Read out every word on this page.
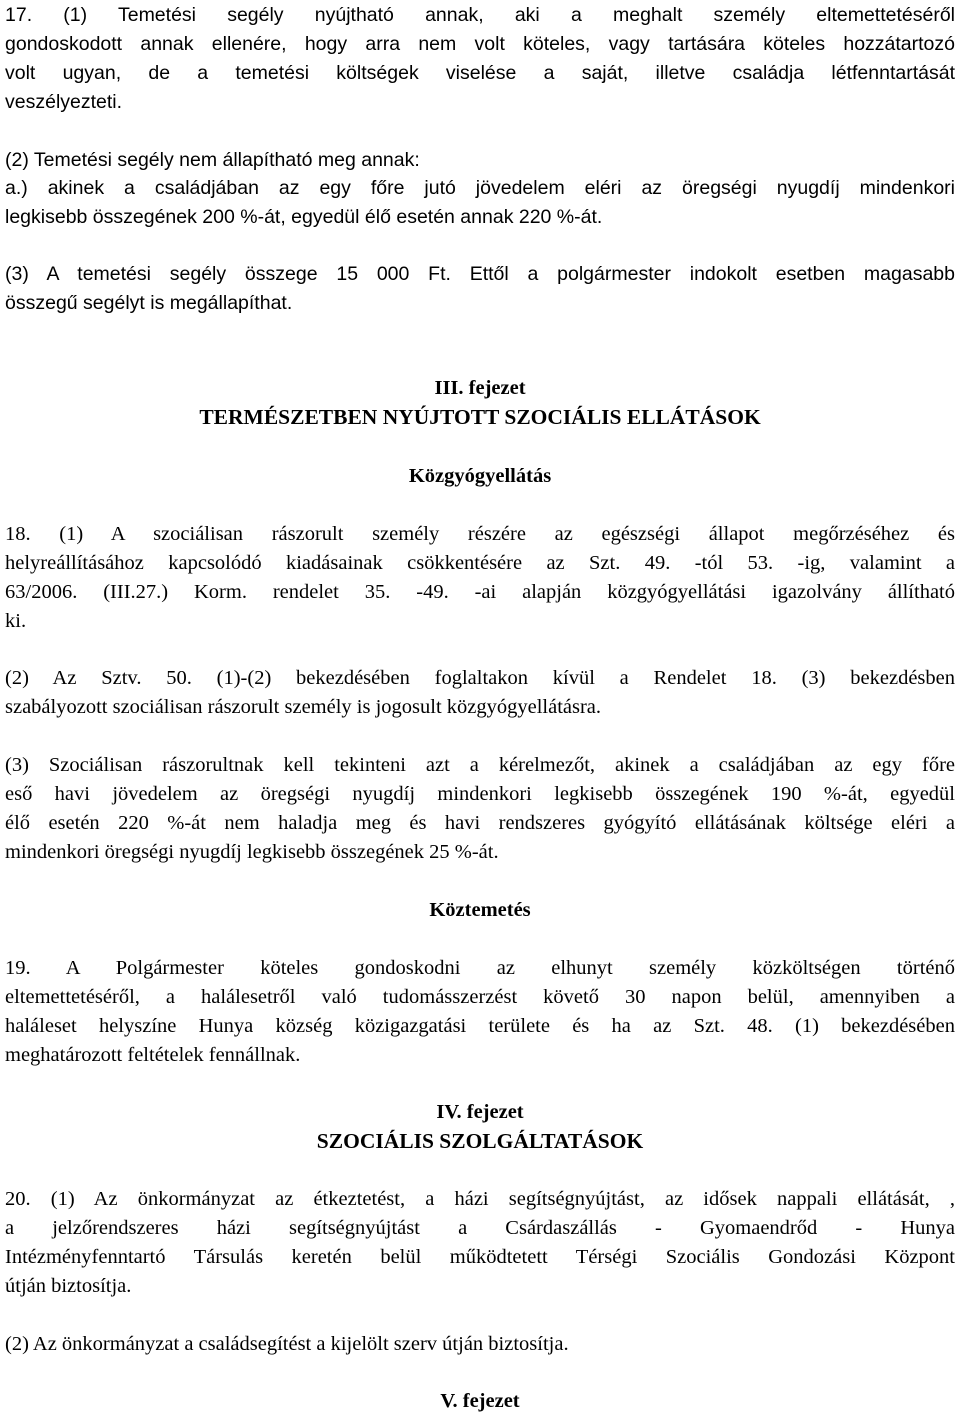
17. (1) Temetési segély nyújtható annak, aki a meghalt személy eltemettetéséről
gondoskodott annak ellenére, hogy arra nem volt köteles, vagy tartására köteles hozzátartozó
volt ugyan, de a temetési költségek viselése a saját, illetve családja létfenntartását
veszélyezteti.
(2) Temetési segély nem állapítható meg annak:
a.) akinek a családjában az egy főre jutó jövedelem eléri az öregségi nyugdíj mindenkori
legkisebb összegének 200 %-át, egyedül élő esetén annak 220 %-át.
(3) A temetési segély összege 15 000 Ft. Ettől a polgármester indokolt esetben magasabb
összegű segélyt is megállapíthat.
III. fejezet
TERMÉSZETBEN NYÚJTOTT SZOCIÁLIS ELLÁTÁSOK
Közgyógyellátás
18. (1) A szociálisan rászorult személy részére az egészségi állapot megőrzéséhez és
helyreállításához kapcsolódó kiadásainak csökkentésére az Szt. 49. -tól 53. -ig, valamint a
63/2006. (III.27.) Korm. rendelet 35. -49. -ai alapján közgyógyellátási igazolvány állítható
ki.
(2) Az Sztv. 50. (1)-(2) bekezdésében foglaltakon kívül a Rendelet 18. (3) bekezdésben
szabályozott szociálisan rászorult személy is jogosult közgyógyellátásra.
(3) Szociálisan rászorultnak kell tekinteni azt a kérelmezőt, akinek a családjában az egy főre
eső havi jövedelem az öregségi nyugdíj mindenkori legkisebb összegének 190 %-át, egyedül
élő esetén 220 %-át nem haladja meg és havi rendszeres gyógyító ellátásának költsége eléri a
mindenkori öregségi nyugdíj legkisebb összegének 25 %-át.
Köztemetés
19. A Polgármester köteles gondoskodni az elhunyt személy közköltségen történő
eltemettetéséről, a halálesetről való tudomásszerzést követő 30 napon belül, amennyiben a
haláleset helyszíne Hunya község közigazgatási területe és ha az Szt. 48. (1) bekezdésében
meghatározott feltételek fennállnak.
IV. fejezet
SZOCIÁLIS SZOLGÁLTATÁSOK
20. (1) Az önkormányzat az étkeztetést, a házi segítségnyújtást, az idősek nappali ellátását, ,
a jelzőrendszeres házi segítségnyújtást a Csárdaszállás - Gyomaendrőd - Hunya
Intézményfenntartó Társulás keretén belül működtetett Térségi Szociális Gondozási Központ
útján biztosítja.
(2) Az önkormányzat a családsegítést a kijelölt szerv útján biztosítja.
V. fejezet
